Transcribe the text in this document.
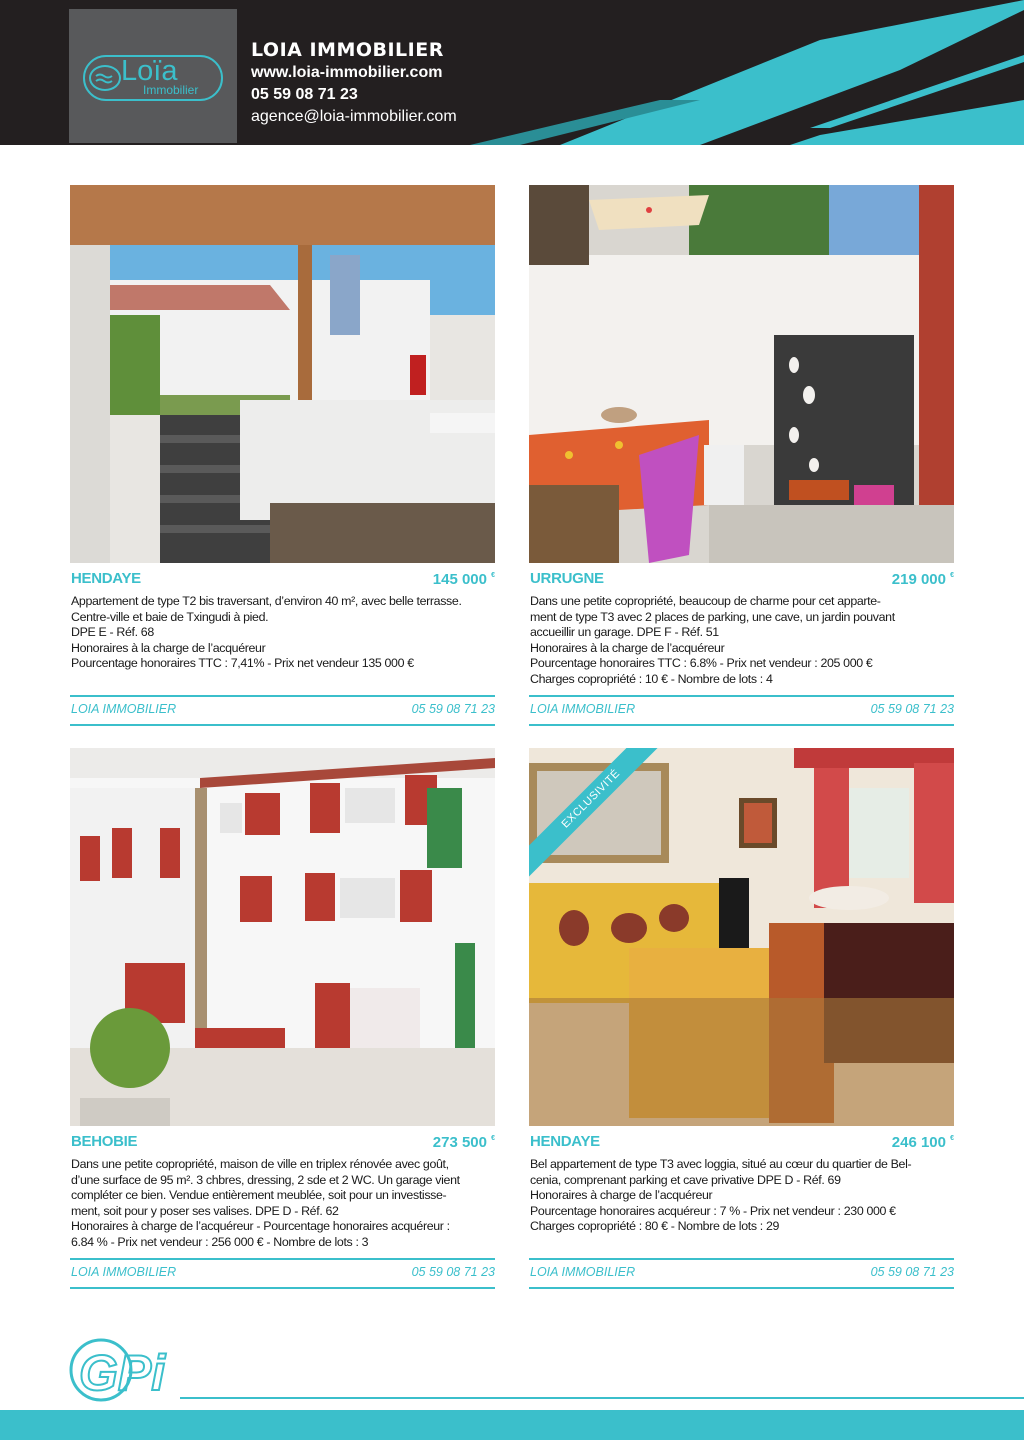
Loïa
Immobilier
LOIA IMMOBILIER
www.loia-immobilier.com
05 59 08 71 23
agence@loia-immobilier.com
HENDAYE	145 000 €
Appartement de type T2 bis traversant, d’environ 40 m², avec belle terrasse.
Centre-ville et baie de Txingudi à pied.
DPE E - Réf. 68
Honoraires à la charge de l’acquéreur
Pourcentage honoraires TTC : 7,41% - Prix net vendeur 135 000 €
LOIA IMMOBILIER	05 59 08 71 23
URRUGNE	219 000 €
Dans une petite copropriété, beaucoup de charme pour cet apparte-
ment de type T3 avec 2 places de parking, une cave, un jardin pouvant
accueillir un garage. DPE F - Réf. 51
Honoraires à la charge de l’acquéreur
Pourcentage honoraires TTC : 6.8% - Prix net vendeur : 205 000 €
Charges copropriété : 10 € - Nombre de lots : 4
LOIA IMMOBILIER	05 59 08 71 23
BEHOBIE	273 500 €
Dans une petite copropriété, maison de ville en triplex rénovée avec goût,
d’une surface de 95 m². 3 chbres, dressing, 2 sde et 2 WC. Un garage vient
compléter ce bien. Vendue entièrement meublée, soit pour un investisse-
ment, soit pour y poser ses valises. DPE D - Réf. 62
Honoraires à charge de l’acquéreur - Pourcentage honoraires acquéreur :
6.84 % - Prix net vendeur : 256 000 € - Nombre de lots : 3
LOIA IMMOBILIER	05 59 08 71 23
EXCLUSIVITÉ
HENDAYE	246 100 €
Bel appartement de type T3 avec loggia, situé au cœur du quartier de Bel-
cenia, comprenant parking et cave privative DPE D - Réf. 69
Honoraires à charge de l’acquéreur
Pourcentage honoraires acquéreur : 7 % - Prix net vendeur : 230 000 €
Charges copropriété : 80 € - Nombre de lots : 29
LOIA IMMOBILIER	05 59 08 71 23
GPi
